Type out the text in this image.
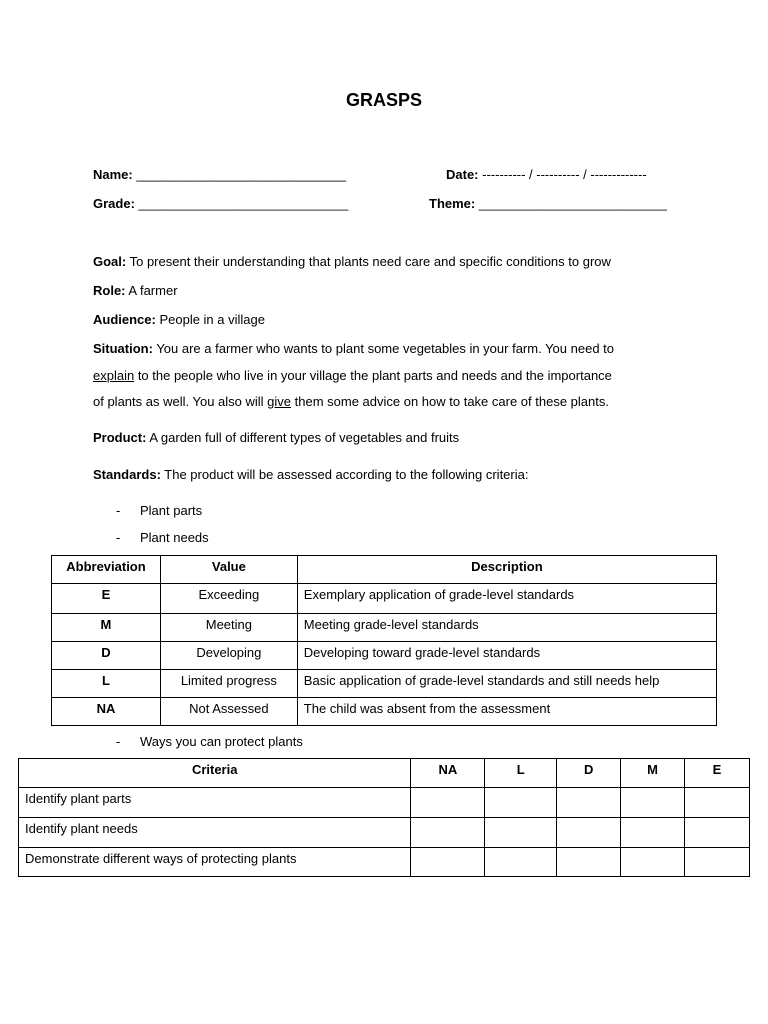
GRASPS
Name: _____________________________	Date: ---------- / ---------- / -------------
Grade: _____________________________	Theme: __________________________
Goal: To present their understanding that plants need care and specific conditions to grow
Role: A farmer
Audience: People in a village
Situation: You are a farmer who wants to plant some vegetables in your farm. You need to
explain to the people who live in your village the plant parts and needs and the importance
of plants as well. You also will give them some advice on how to take care of these plants.
Product: A garden full of different types of vegetables and fruits
Standards: The product will be assessed according to the following criteria:
- Plant parts
- Plant needs
Abbreviation	Value	Description
E	Exceeding	Exemplary application of grade-level standards
M	Meeting	Meeting grade-level standards
D	Developing	Developing toward grade-level standards
L	Limited progress	Basic application of grade-level standards and still needs help
NA	Not Assessed	The child was absent from the assessment
- Ways you can protect plants
Criteria	NA	L	D	M	E
Identify plant parts					
Identify plant needs					
Demonstrate different ways of protecting plants					
